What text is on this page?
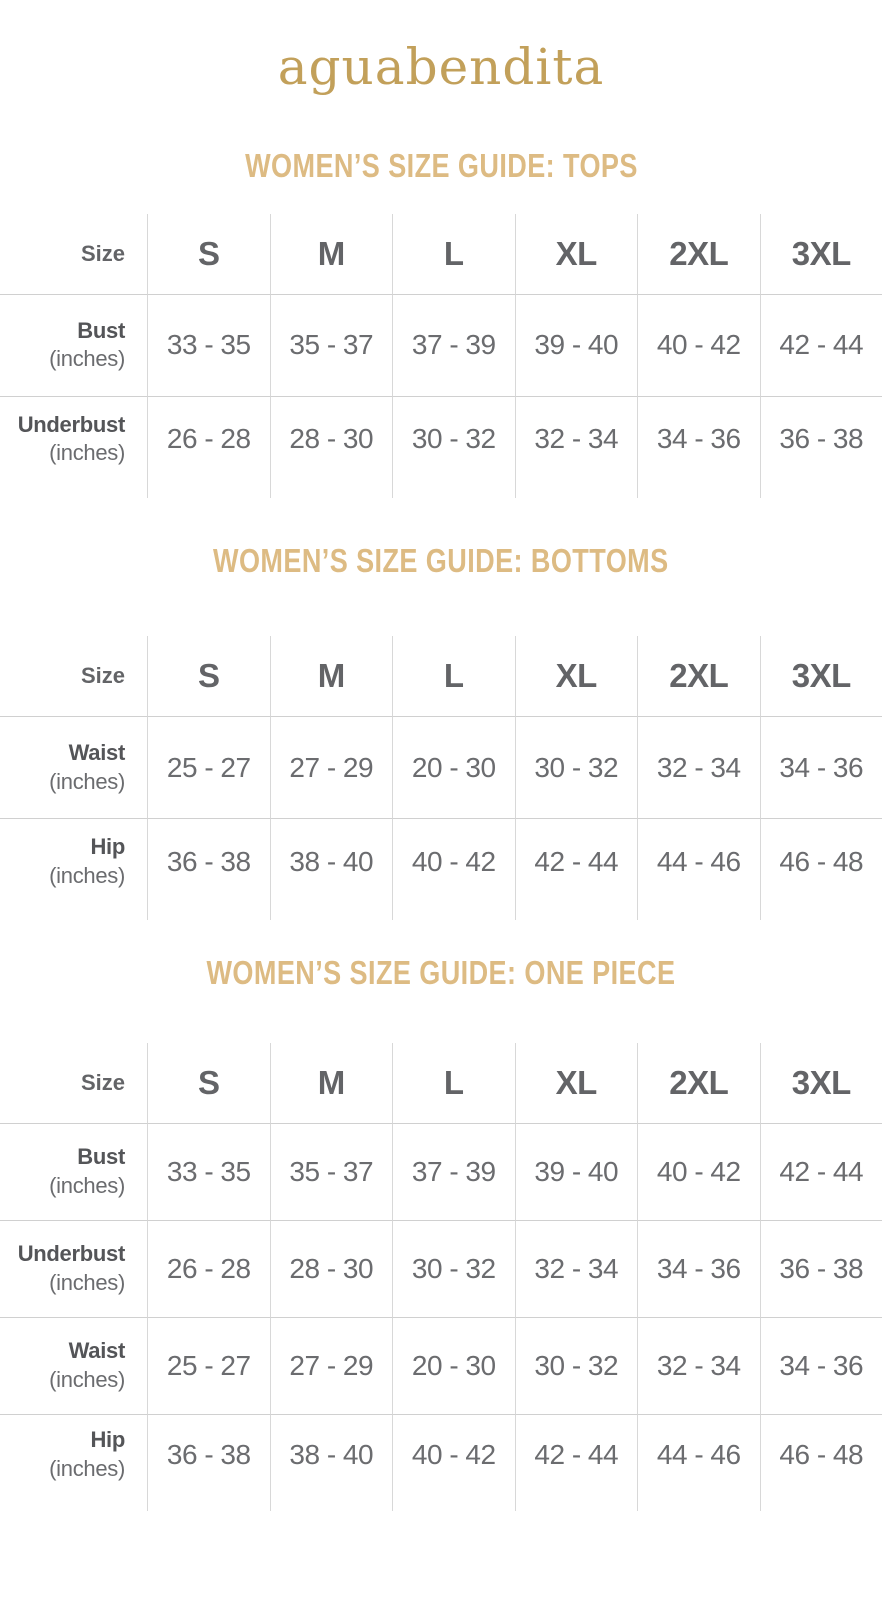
aguabendita
WOMEN’S SIZE GUIDE: TOPS
Size	S	M	L	XL	2XL	3XL
Bust
(inches)	33 - 35	35 - 37	37 - 39	39 - 40	40 - 42	42 - 44
Underbust
(inches)	26 - 28	28 - 30	30 - 32	32 - 34	34 - 36	36 - 38
WOMEN’S SIZE GUIDE: BOTTOMS
Size	S	M	L	XL	2XL	3XL
Waist
(inches)	25 - 27	27 - 29	20 - 30	30 - 32	32 - 34	34 - 36
Hip
(inches)	36 - 38	38 - 40	40 - 42	42 - 44	44 - 46	46 - 48
WOMEN’S SIZE GUIDE: ONE PIECE
Size	S	M	L	XL	2XL	3XL
Bust
(inches)	33 - 35	35 - 37	37 - 39	39 - 40	40 - 42	42 - 44
Underbust
(inches)	26 - 28	28 - 30	30 - 32	32 - 34	34 - 36	36 - 38
Waist
(inches)	25 - 27	27 - 29	20 - 30	30 - 32	32 - 34	34 - 36
Hip
(inches)	36 - 38	38 - 40	40 - 42	42 - 44	44 - 46	46 - 48
